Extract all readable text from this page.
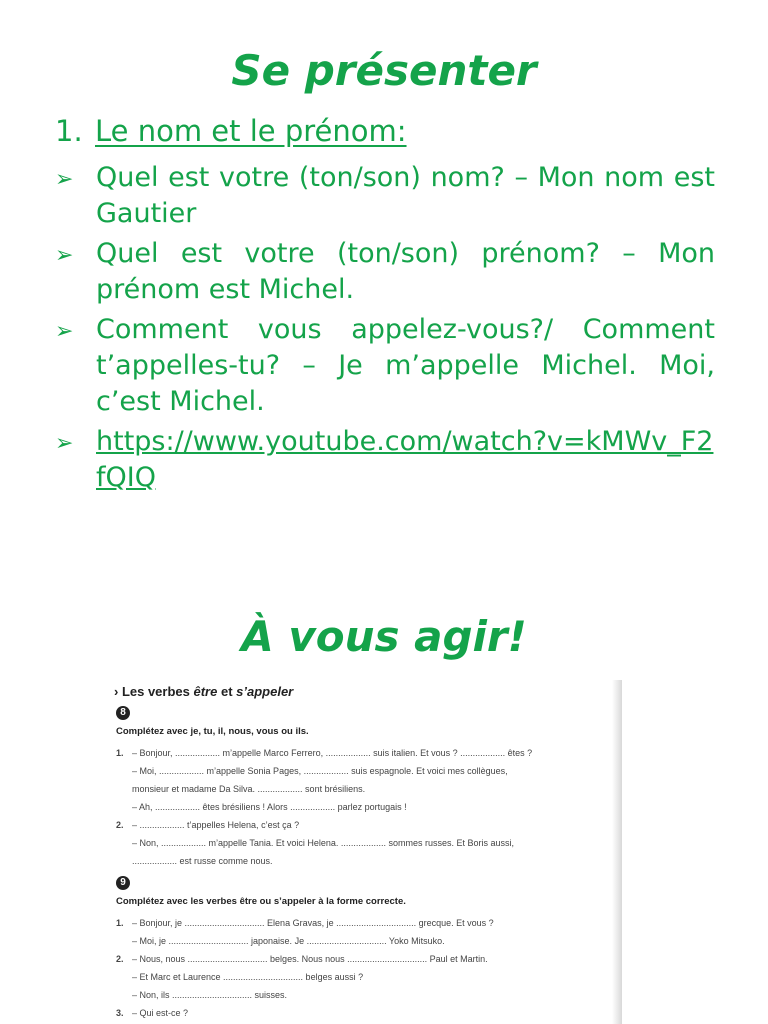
Se présenter
1. Le nom et le prénom:
➢ Quel est votre (ton/son) nom? – Mon nom est Gautier
➢ Quel est votre (ton/son) prénom? – Mon prénom est Michel.
➢ Comment vous appelez-vous?/ Comment t’appelles-tu? – Je m’appelle Michel. Moi, c’est Michel.
➢ https://www.youtube.com/watch?v=kMWv_F2fQIQ
À vous agir!
› Les verbes être et s’appeler
8
Complétez avec je, tu, il, nous, vous ou ils.
1. – Bonjour, .................. m’appelle Marco Ferrero, .................. suis italien. Et vous ? .................. êtes ?
– Moi, .................. m’appelle Sonia Pages, .................. suis espagnole. Et voici mes collègues,
monsieur et madame Da Silva. .................. sont brésiliens.
– Ah, .................. êtes brésiliens ! Alors .................. parlez portugais !
2. – .................. t’appelles Helena, c’est ça ?
– Non, .................. m’appelle Tania. Et voici Helena. .................. sommes russes. Et Boris aussi,
.................. est russe comme nous.
9
Complétez avec les verbes être ou s’appeler à la forme correcte.
1. – Bonjour, je ................................ Elena Gravas, je ................................ grecque. Et vous ?
– Moi, je ................................ japonaise. Je ................................ Yoko Mitsuko.
2. – Nous, nous ................................ belges. Nous nous ................................ Paul et Martin.
– Et Marc et Laurence ................................ belges aussi ?
– Non, ils ................................ suisses.
3. – Qui est-ce ?
